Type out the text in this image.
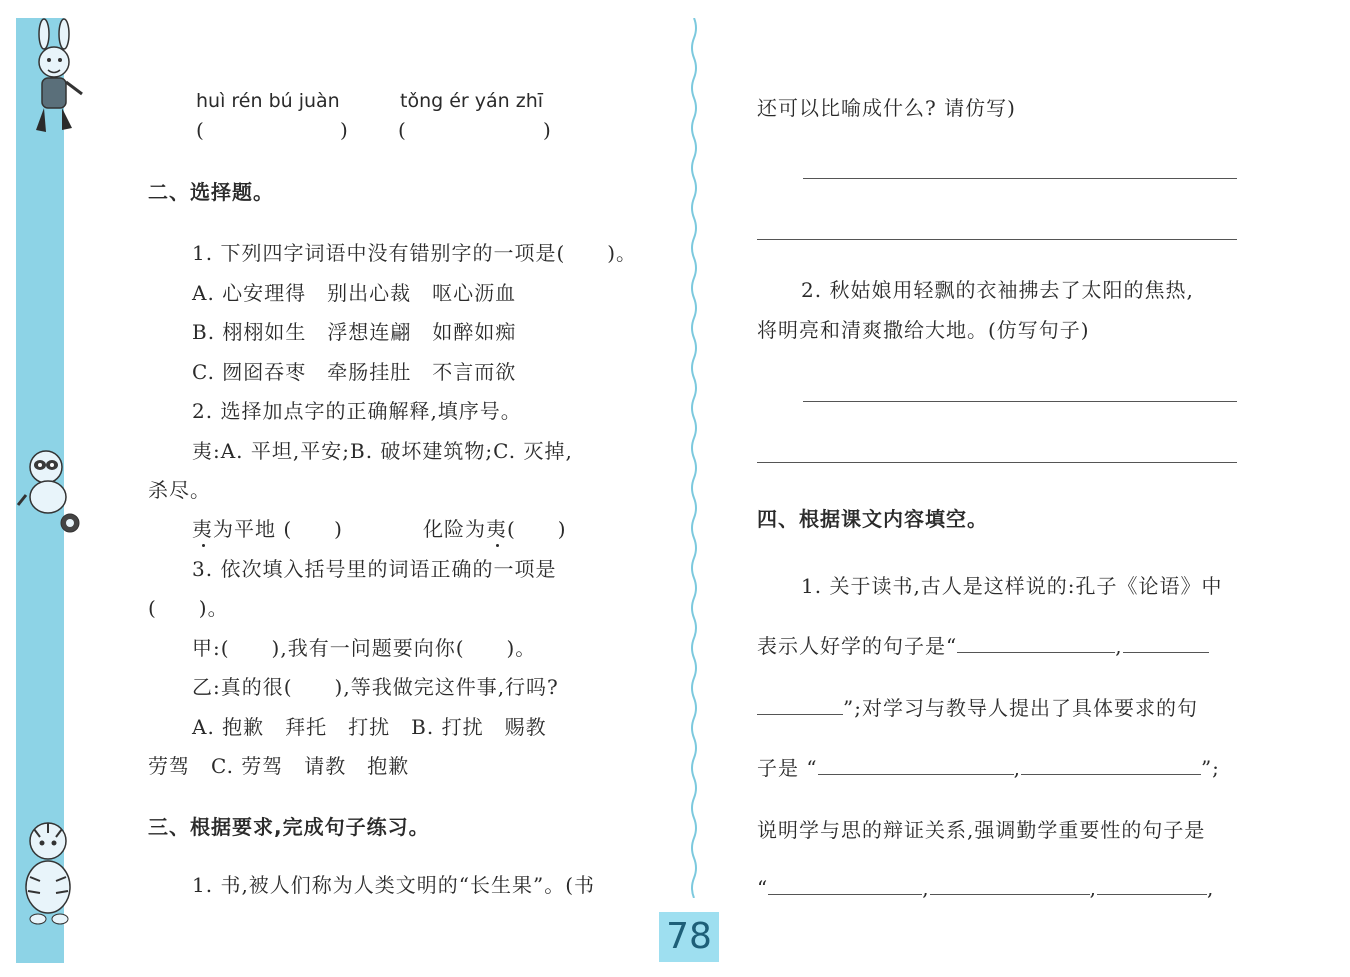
78
huì rén bú juàn	tǒng ér yán zhī
(	) (	)
二、选择题。
1. 下列四字词语中没有错别字的一项是(　　)。
A. 心安理得　别出心裁　呕心沥血
B. 栩栩如生　浮想连翩　如醉如痴
C. 囫囵吞枣　牵肠挂肚　不言而欲
2. 选择加点字的正确解释,填序号。
夷:A. 平坦,平安;B. 破坏建筑物;C. 灭掉,
杀尽。
夷为平地 (　　)	化险为夷(　　)
3. 依次填入括号里的词语正确的一项是
(　　)。
甲:(　　),我有一问题要向你(　　)。
乙:真的很(　　),等我做完这件事,行吗?
A. 抱歉　拜托　打扰　B. 打扰　赐教
劳驾　C. 劳驾　请教　抱歉
三、根据要求,完成句子练习。
1. 书,被人们称为人类文明的“长生果”。(书
还可以比喻成什么? 请仿写)
2. 秋姑娘用轻飘的衣袖拂去了太阳的焦热,
将明亮和清爽撒给大地。(仿写句子)
四、根据课文内容填空。
1. 关于读书,古人是这样说的:孔子《论语》中
表示人好学的句子是“	,
”;对学习与教导人提出了具体要求的句
子是 “	,	”;
说明学与思的辩证关系,强调勤学重要性的句子是
“	,	,	,
